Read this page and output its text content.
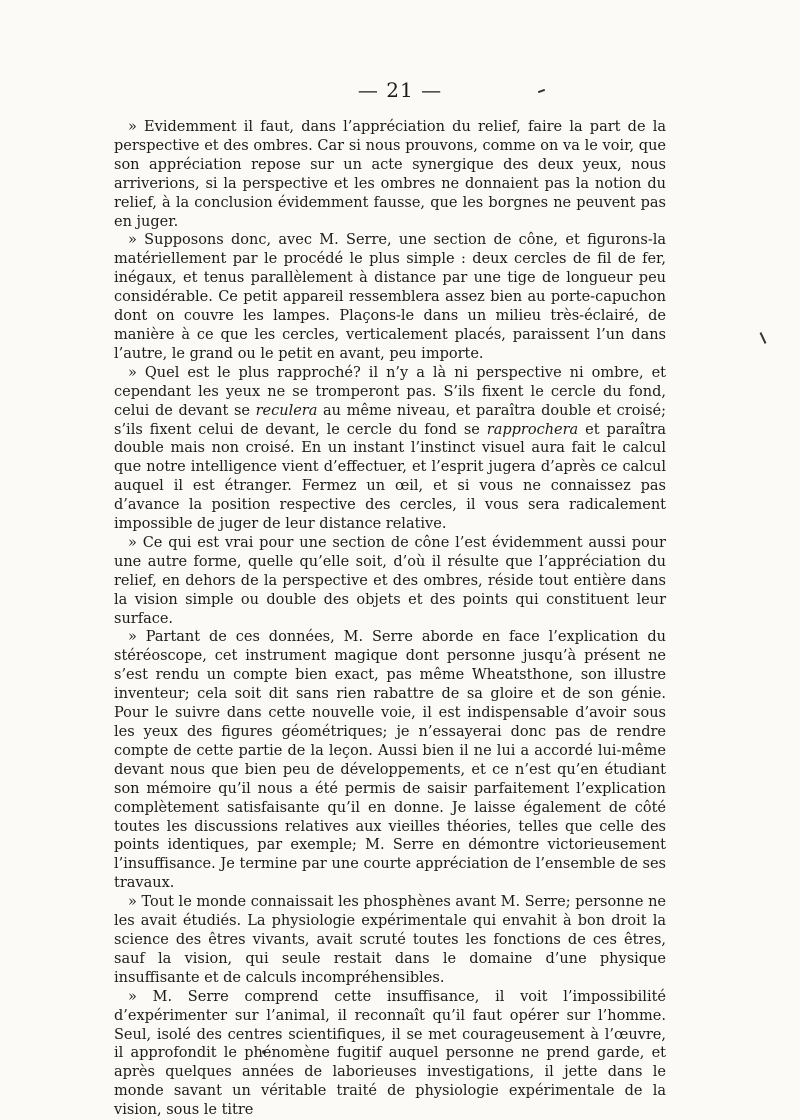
— 21 —

» Evidemment il faut, dans l’appréciation du relief, faire la part de la perspective et des ombres. Car si nous prouvons, comme on va le voir, que son appréciation repose sur un acte synergique des deux yeux, nous arriverions, si la perspective et les ombres ne donnaient pas la notion du relief, à la conclusion évidemment fausse, que les borgnes ne peuvent pas en juger.

» Supposons donc, avec M. Serre, une section de cône, et figurons-la matériellement par le procédé le plus simple : deux cercles de fil de fer, inégaux, et tenus parallèlement à distance par une tige de longueur peu considérable. Ce petit appareil ressemblera assez bien au porte-capuchon dont on couvre les lampes. Plaçons-le dans un milieu très-éclairé, de manière à ce que les cercles, verticalement placés, paraissent l’un dans l’autre, le grand ou le petit en avant, peu importe.

» Quel est le plus rapproché? il n’y a là ni perspective ni ombre, et cependant les yeux ne se tromperont pas. S’ils fixent le cercle du fond, celui de devant se reculera au même niveau, et paraîtra double et croisé; s’ils fixent celui de devant, le cercle du fond se rapprochera et paraîtra double mais non croisé. En un instant l’instinct visuel aura fait le calcul que notre intelligence vient d’effectuer, et l’esprit jugera d’après ce calcul auquel il est étranger. Fermez un œil, et si vous ne connaissez pas d’avance la position respective des cercles, il vous sera radicalement impossible de juger de leur distance relative.

» Ce qui est vrai pour une section de cône l’est évidemment aussi pour une autre forme, quelle qu’elle soit, d’où il résulte que l’appréciation du relief, en dehors de la perspective et des ombres, réside tout entière dans la vision simple ou double des objets et des points qui constituent leur surface.

» Partant de ces données, M. Serre aborde en face l’explication du stéréoscope, cet instrument magique dont personne jusqu’à présent ne s’est rendu un compte bien exact, pas même Wheatsthone, son illustre inventeur; cela soit dit sans rien rabattre de sa gloire et de son génie. Pour le suivre dans cette nouvelle voie, il est indispensable d’avoir sous les yeux des figures géométriques; je n’essayerai donc pas de rendre compte de cette partie de la leçon. Aussi bien il ne lui a accordé lui-même devant nous que bien peu de développements, et ce n’est qu’en étudiant son mémoire qu’il nous a été permis de saisir parfaitement l’explication complètement satisfaisante qu’il en donne. Je laisse également de côté toutes les discussions relatives aux vieilles théories, telles que celle des points identiques, par exemple; M. Serre en démontre victorieusement l’insuffisance. Je termine par une courte appréciation de l’ensemble de ses travaux.

» Tout le monde connaissait les phosphènes avant M. Serre; personne ne les avait étudiés. La physiologie expérimentale qui envahit à bon droit la science des êtres vivants, avait scruté toutes les fonctions de ces êtres, sauf la vision, qui seule restait dans le domaine d’une physique insuffisante et de calculs incompréhensibles.

» M. Serre comprend cette insuffisance, il voit l’impossibilité d’expérimenter sur l’animal, il reconnaît qu’il faut opérer sur l’homme. Seul, isolé des centres scientifiques, il se met courageusement à l’œuvre, il approfondit le phénomène fugitif auquel personne ne prend garde, et après quelques années de laborieuses investigations, il jette dans le monde savant un véritable traité de physiologie expérimentale de la vision, sous le titre
